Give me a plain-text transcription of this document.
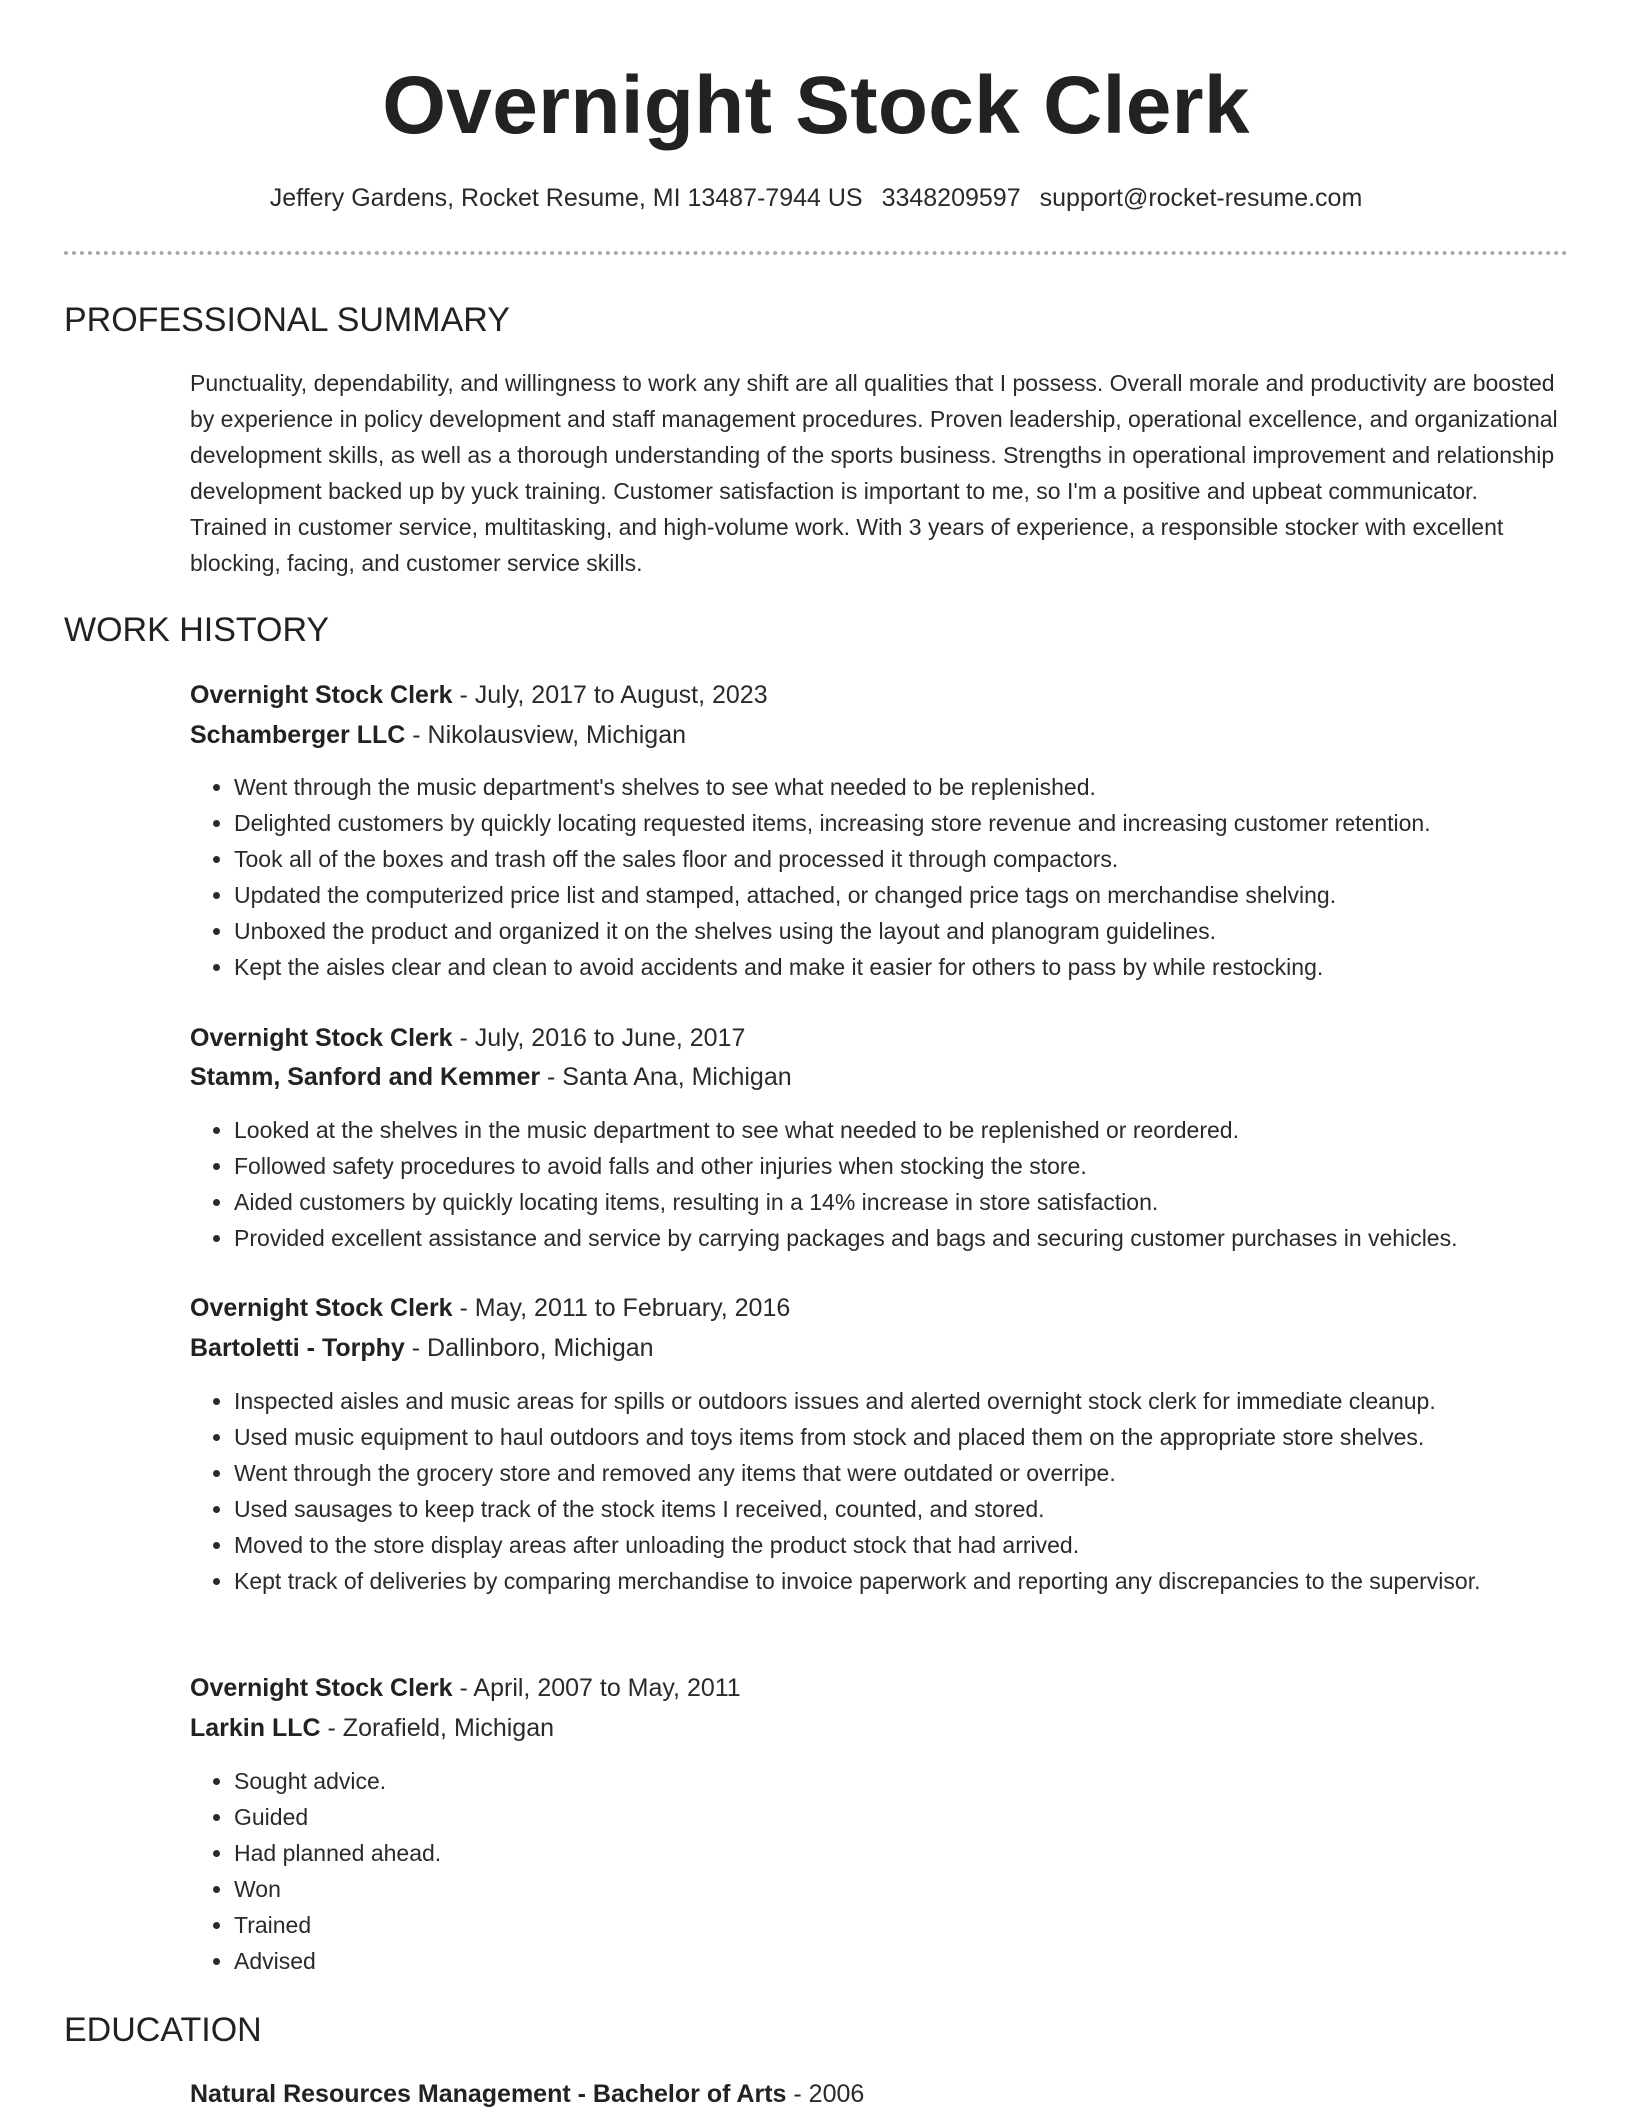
Overnight Stock Clerk
Jeffery Gardens, Rocket Resume, MI 13487-7944 US 3348209597 support@rocket-resume.com
PROFESSIONAL SUMMARY

Punctuality, dependability, and willingness to work any shift are all qualities that I possess. Overall morale and productivity are boosted by experience in policy development and staff management procedures. Proven leadership, operational excellence, and organizational development skills, as well as a thorough understanding of the sports business. Strengths in operational improvement and relationship development backed up by yuck training. Customer satisfaction is important to me, so I'm a positive and upbeat communicator. Trained in customer service, multitasking, and high-volume work. With 3 years of experience, a responsible stocker with excellent blocking, facing, and customer service skills.

WORK HISTORY
Overnight Stock Clerk - July, 2017 to August, 2023
Schamberger LLC - Nikolausview, Michigan
• Went through the music department's shelves to see what needed to be replenished.
• Delighted customers by quickly locating requested items, increasing store revenue and increasing customer retention.
• Took all of the boxes and trash off the sales floor and processed it through compactors.
• Updated the computerized price list and stamped, attached, or changed price tags on merchandise shelving.
• Unboxed the product and organized it on the shelves using the layout and planogram guidelines.
• Kept the aisles clear and clean to avoid accidents and make it easier for others to pass by while restocking.
Overnight Stock Clerk - July, 2016 to June, 2017
Stamm, Sanford and Kemmer - Santa Ana, Michigan
• Looked at the shelves in the music department to see what needed to be replenished or reordered.
• Followed safety procedures to avoid falls and other injuries when stocking the store.
• Aided customers by quickly locating items, resulting in a 14% increase in store satisfaction.
• Provided excellent assistance and service by carrying packages and bags and securing customer purchases in vehicles.
Overnight Stock Clerk - May, 2011 to February, 2016
Bartoletti - Torphy - Dallinboro, Michigan
• Inspected aisles and music areas for spills or outdoors issues and alerted overnight stock clerk for immediate cleanup.
• Used music equipment to haul outdoors and toys items from stock and placed them on the appropriate store shelves.
• Went through the grocery store and removed any items that were outdated or overripe.
• Used sausages to keep track of the stock items I received, counted, and stored.
• Moved to the store display areas after unloading the product stock that had arrived.
• Kept track of deliveries by comparing merchandise to invoice paperwork and reporting any discrepancies to the supervisor.
Overnight Stock Clerk - April, 2007 to May, 2011
Larkin LLC - Zorafield, Michigan
• Sought advice.
• Guided
• Had planned ahead.
• Won
• Trained
• Advised
EDUCATION
Natural Resources Management - Bachelor of Arts - 2006
